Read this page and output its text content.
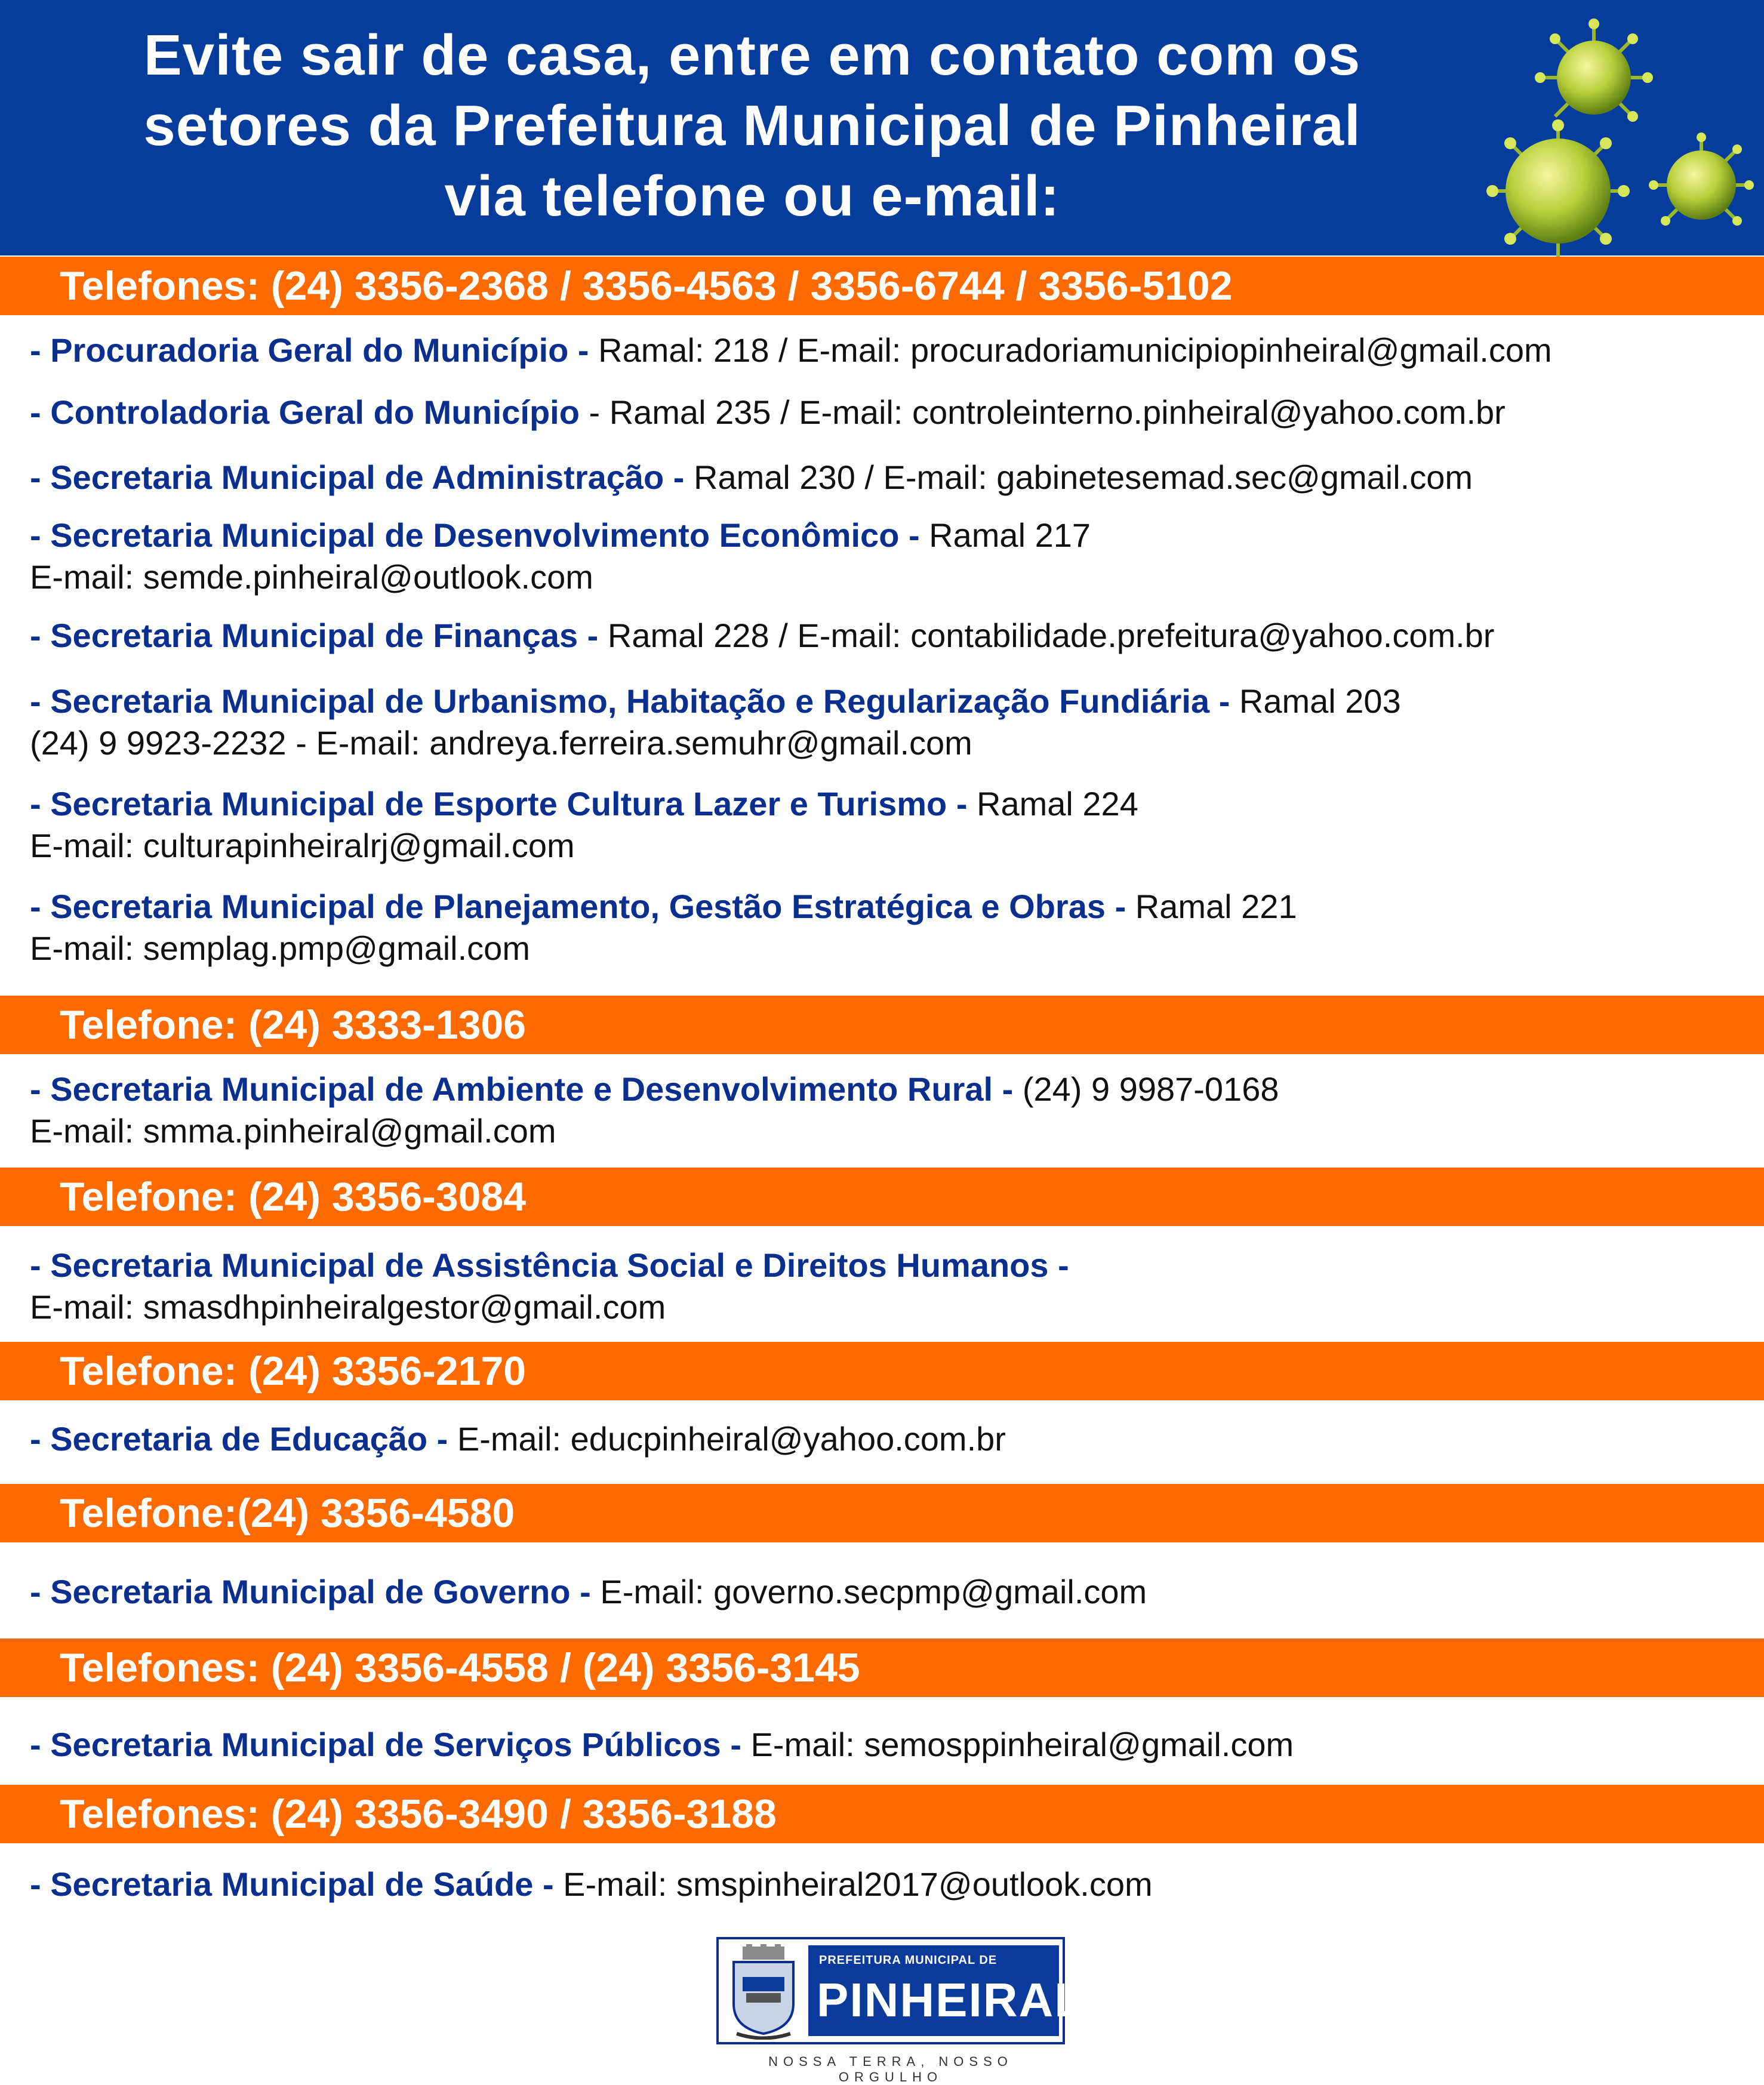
Evite sair de casa, entre em contato com os
setores da Prefeitura Municipal de Pinheiral
via telefone ou e-mail:
Telefones: (24) 3356-2368 / 3356-4563 / 3356-6744 / 3356-5102
- Procuradoria Geral do Município - Ramal: 218 / E-mail: procuradoriamunicipiopinheiral@gmail.com
- Controladoria Geral do Município - Ramal 235 / E-mail: controleinterno.pinheiral@yahoo.com.br
- Secretaria Municipal de Administração - Ramal 230 / E-mail: gabinetesemad.sec@gmail.com
- Secretaria Municipal de Desenvolvimento Econômico - Ramal 217
E-mail: semde.pinheiral@outlook.com
- Secretaria Municipal de Finanças - Ramal 228 / E-mail: contabilidade.prefeitura@yahoo.com.br
- Secretaria Municipal de Urbanismo, Habitação e Regularização Fundiária - Ramal 203
(24) 9 9923-2232 - E-mail: andreya.ferreira.semuhr@gmail.com
- Secretaria Municipal de Esporte Cultura Lazer e Turismo - Ramal 224
E-mail: culturapinheiralrj@gmail.com
- Secretaria Municipal de Planejamento, Gestão Estratégica e Obras - Ramal 221
E-mail: semplag.pmp@gmail.com
Telefone: (24) 3333-1306
- Secretaria Municipal de Ambiente e Desenvolvimento Rural - (24) 9 9987-0168
E-mail: smma.pinheiral@gmail.com
Telefone: (24) 3356-3084
- Secretaria Municipal de Assistência Social e Direitos Humanos -
E-mail: smasdhpinheiralgestor@gmail.com
Telefone: (24) 3356-2170
- Secretaria de Educação - E-mail: educpinheiral@yahoo.com.br
Telefone:(24) 3356-4580
- Secretaria Municipal de Governo - E-mail: governo.secpmp@gmail.com
Telefones: (24) 3356-4558 / (24) 3356-3145
- Secretaria Municipal de Serviços Públicos - E-mail: semosppinheiral@gmail.com
Telefones: (24) 3356-3490 / 3356-3188
- Secretaria Municipal de Saúde - E-mail: smspinheiral2017@outlook.com
PREFEITURA MUNICIPAL DE
PINHEIRAL
NOSSA TERRA, NOSSO ORGULHO
